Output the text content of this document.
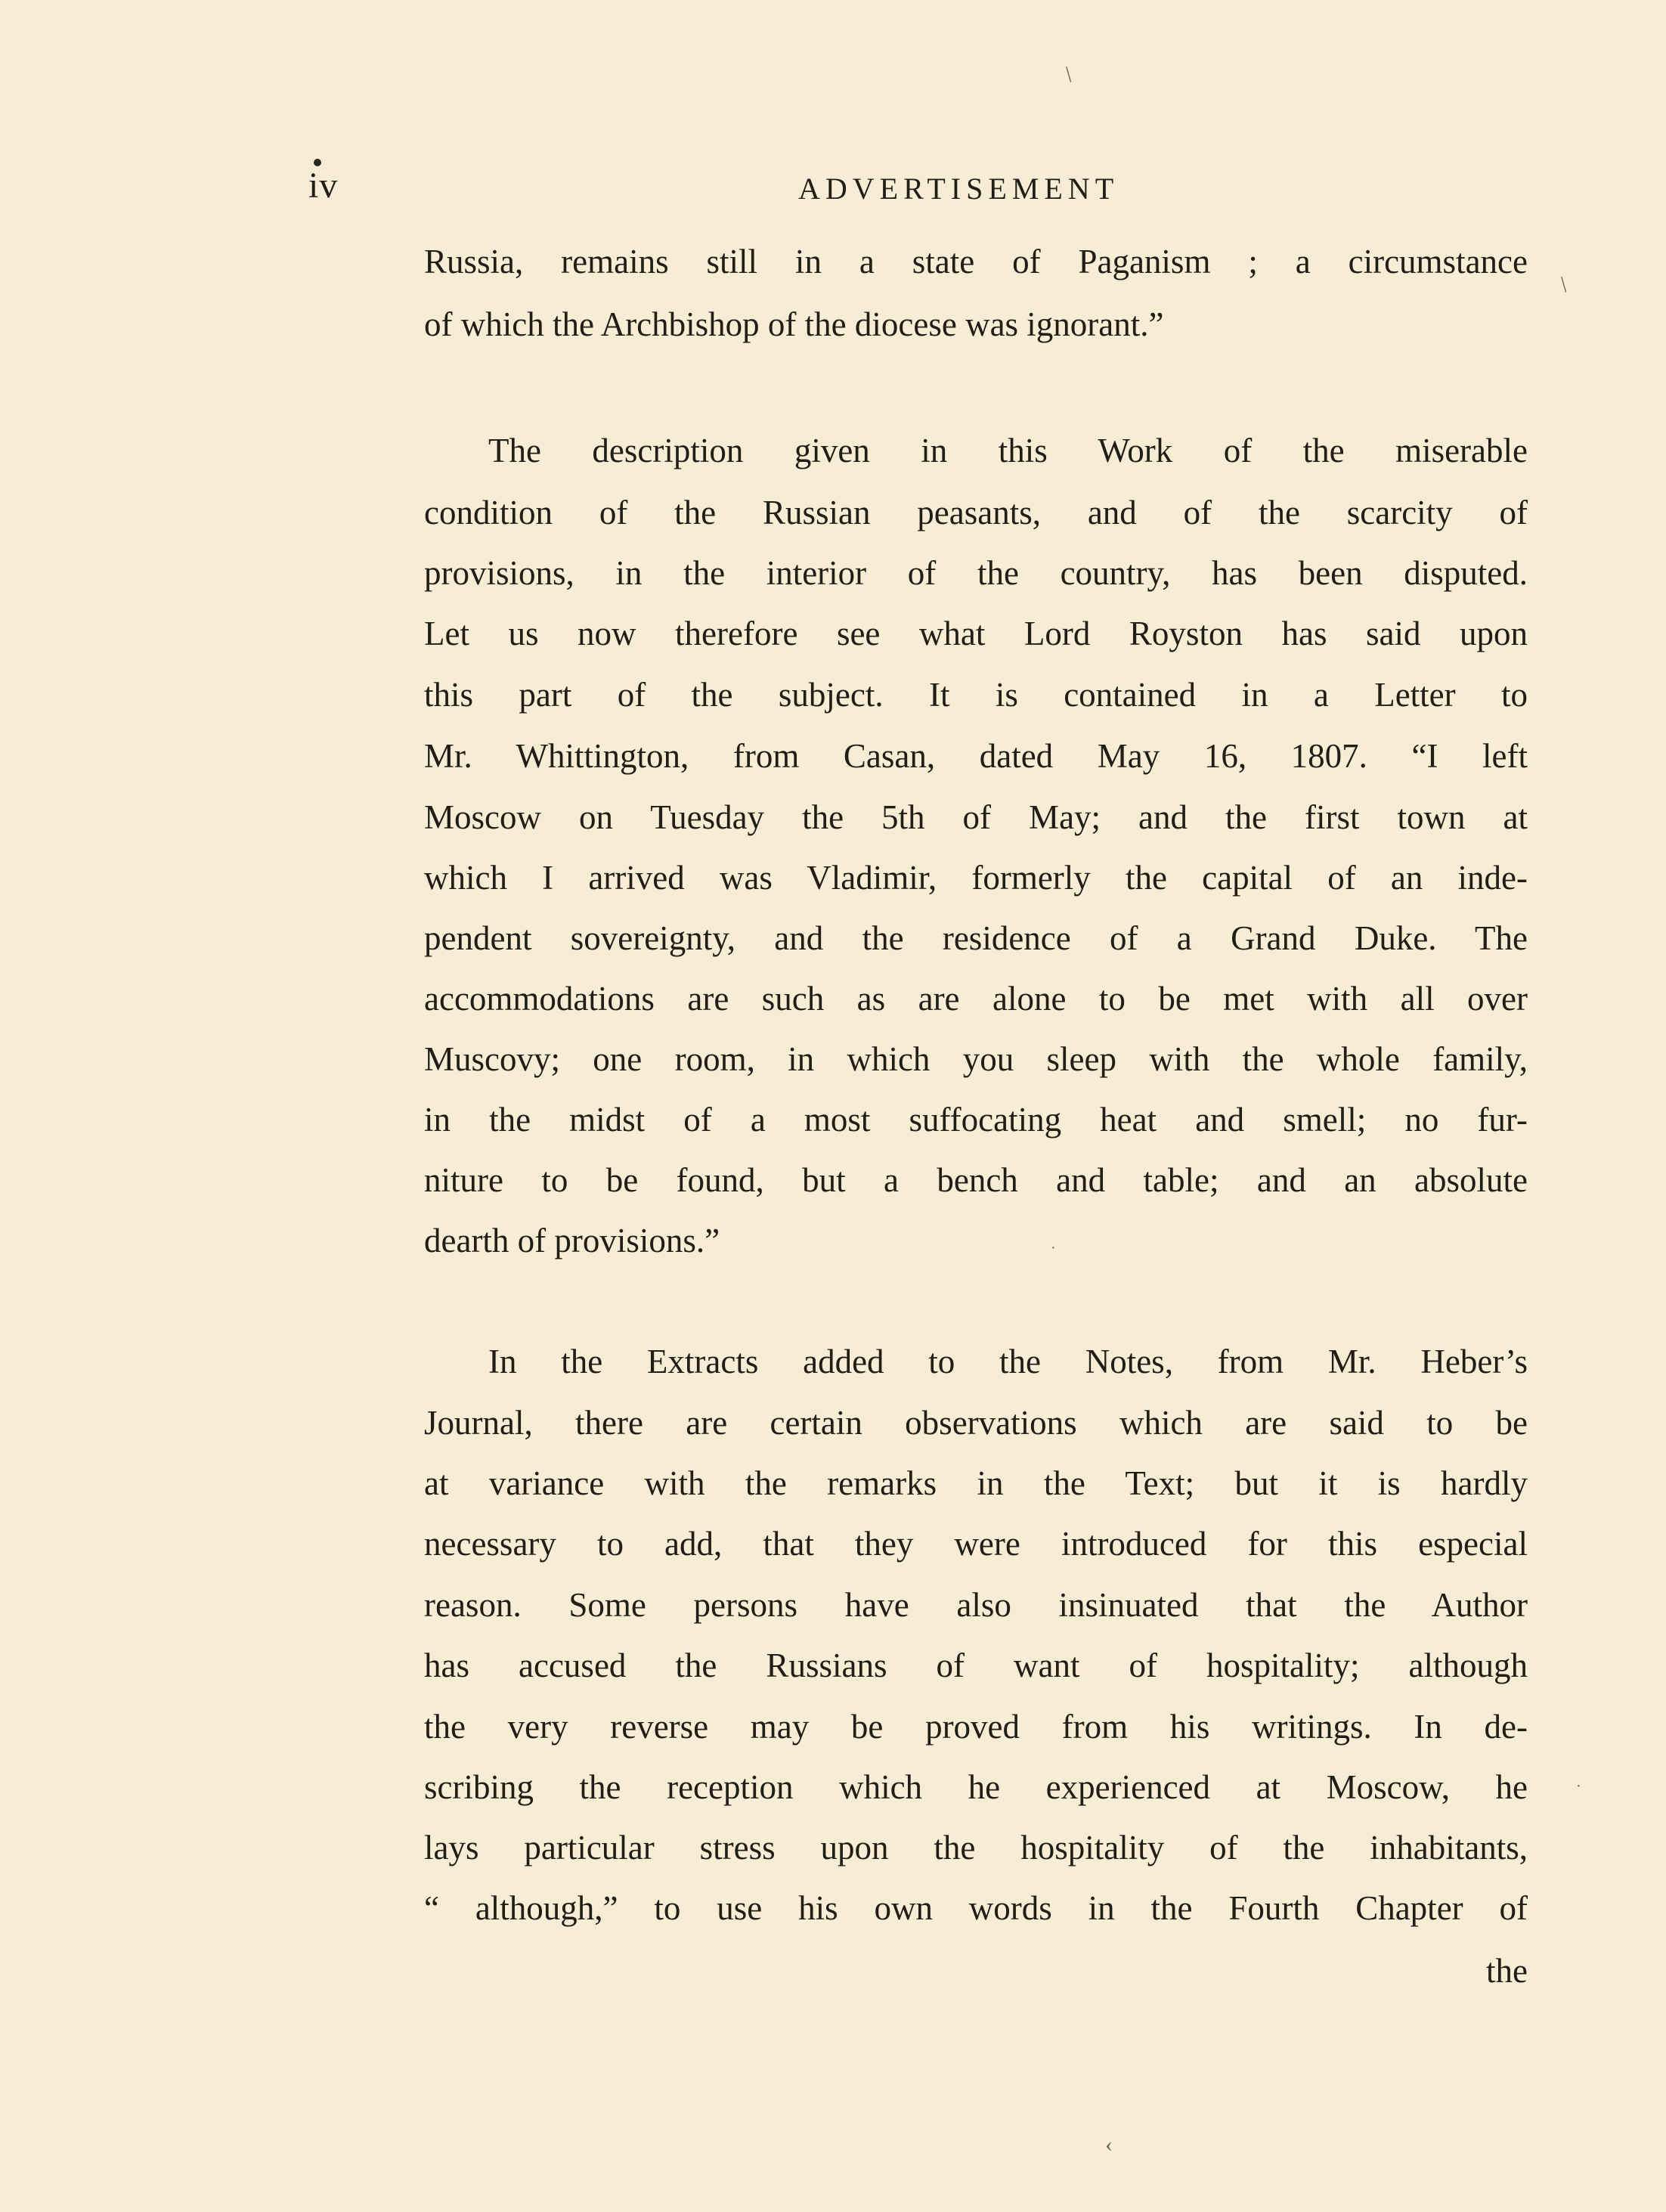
iv	ADVERTISEMENT
Russia, remains still in a state of Paganism ; a circumstance
of which the Archbishop of the diocese was ignorant.”
The description given in this Work of the miserable
condition of the Russian peasants, and of the scarcity of
provisions, in the interior of the country, has been disputed.
Let us now therefore see what Lord Royston has said upon
this part of the subject. It is contained in a Letter to
Mr. Whittington, from Casan, dated May 16, 1807. “I left
Moscow on Tuesday the 5th of May; and the first town at
which I arrived was Vladimir, formerly the capital of an inde-
pendent sovereignty, and the residence of a Grand Duke. The
accommodations are such as are alone to be met with all over
Muscovy; one room, in which you sleep with the whole family,
in the midst of a most suffocating heat and smell; no fur-
niture to be found, but a bench and table; and an absolute
dearth of provisions.”
In the Extracts added to the Notes, from Mr. Heber’s
Journal, there are certain observations which are said to be
at variance with the remarks in the Text; but it is hardly
necessary to add, that they were introduced for this especial
reason. Some persons have also insinuated that the Author
has accused the Russians of want of hospitality; although
the very reverse may be proved from his writings. In de-
scribing the reception which he experienced at Moscow, he
lays particular stress upon the hospitality of the inhabitants,
“ although,” to use his own words in the Fourth Chapter of
the
/
/
‹
·
·
